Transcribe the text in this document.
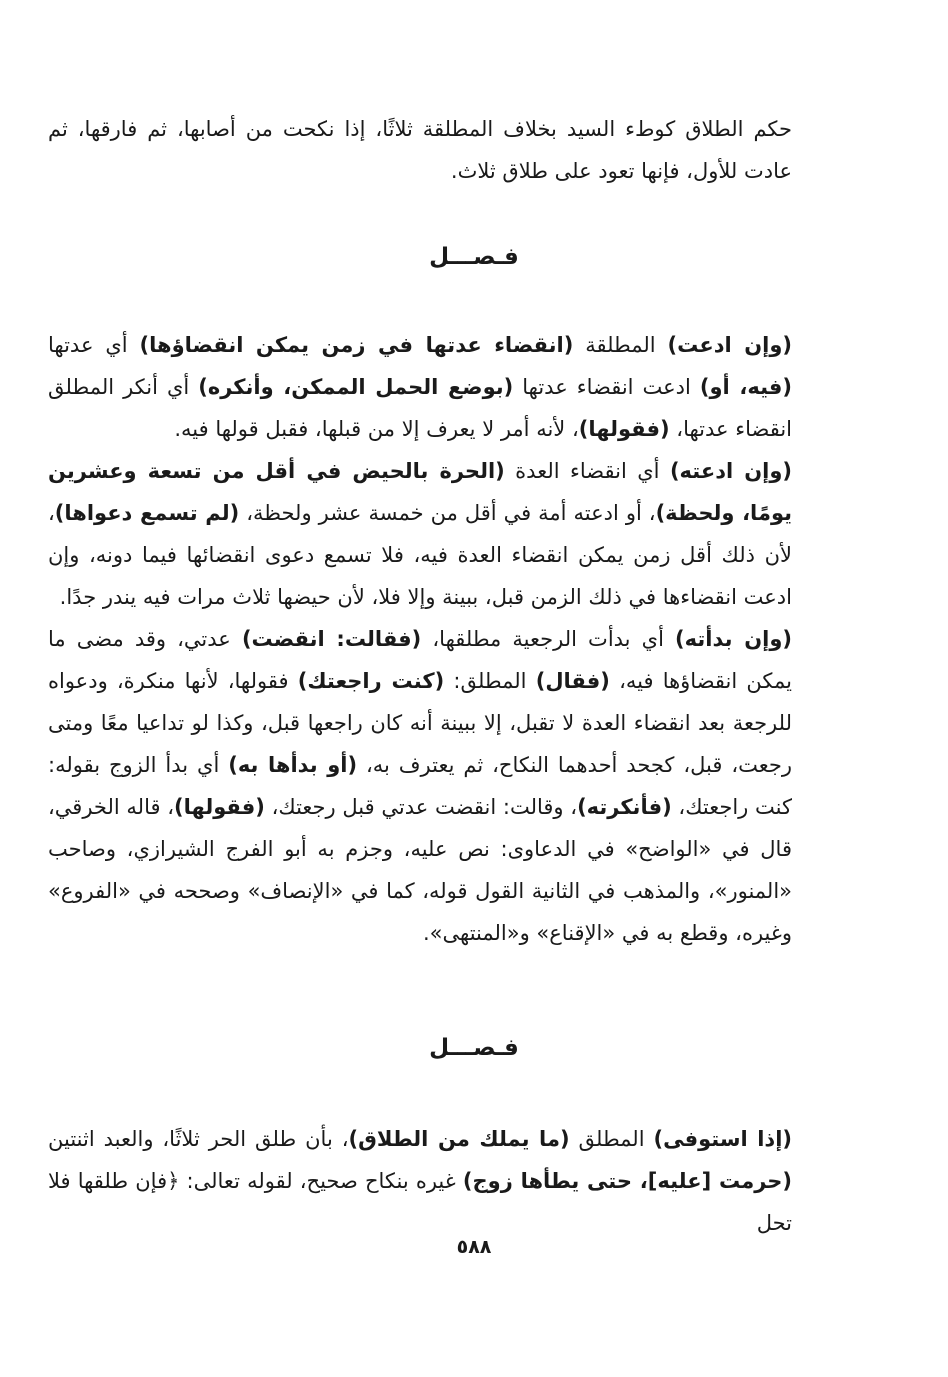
حكم الطلاق كوطء السيد بخلاف المطلقة ثلاثًا، إذا نكحت من أصابها، ثم فارقها، ثم عادت للأول، فإنها تعود على طلاق ثلاث.

فـصـــل

(وإن ادعت) المطلقة (انقضاء عدتها في زمن يمكن انقضاؤها) أي عدتها (فيه، أو) ادعت انقضاء عدتها (بوضع الحمل الممكن، وأنكره) أي أنكر المطلق انقضاء عدتها، (فقولها)، لأنه أمر لا يعرف إلا من قبلها، فقبل قولها فيه.

(وإن ادعته) أي انقضاء العدة (الحرة بالحيض في أقل من تسعة وعشرين يومًا، ولحظة)، أو ادعته أمة في أقل من خمسة عشر ولحظة، (لم تسمع دعواها)، لأن ذلك أقل زمن يمكن انقضاء العدة فيه، فلا تسمع دعوى انقضائها فيما دونه، وإن ادعت انقضاءها في ذلك الزمن قبل، ببينة وإلا فلا، لأن حيضها ثلاث مرات فيه يندر جدًا.

(وإن بدأته) أي بدأت الرجعية مطلقها، (فقالت: انقضت) عدتي، وقد مضى ما يمكن انقضاؤها فيه، (فقال) المطلق: (كنت راجعتك) فقولها، لأنها منكرة، ودعواه للرجعة بعد انقضاء العدة لا تقبل، إلا ببينة أنه كان راجعها قبل، وكذا لو تداعيا معًا ومتى رجعت، قبل، كجحد أحدهما النكاح، ثم يعترف به، (أو بدأها به) أي بدأ الزوج بقوله: كنت راجعتك، (فأنكرته)، وقالت: انقضت عدتي قبل رجعتك، (فقولها)، قاله الخرقي، قال في «الواضح» في الدعاوى: نص عليه، وجزم به أبو الفرج الشيرازي، وصاحب «المنور»، والمذهب في الثانية القول قوله، كما في «الإنصاف» وصححه في «الفروع» وغيره، وقطع به في «الإقناع» و«المنتهى».

فـصـــل

(إذا استوفى) المطلق (ما يملك من الطلاق)، بأن طلق الحر ثلاثًا، والعبد اثنتين (حرمت [عليه]، حتى يطأها زوج) غيره بنكاح صحيح، لقوله تعالى: ﴿فإن طلقها فلا تحل

٥٨٨
